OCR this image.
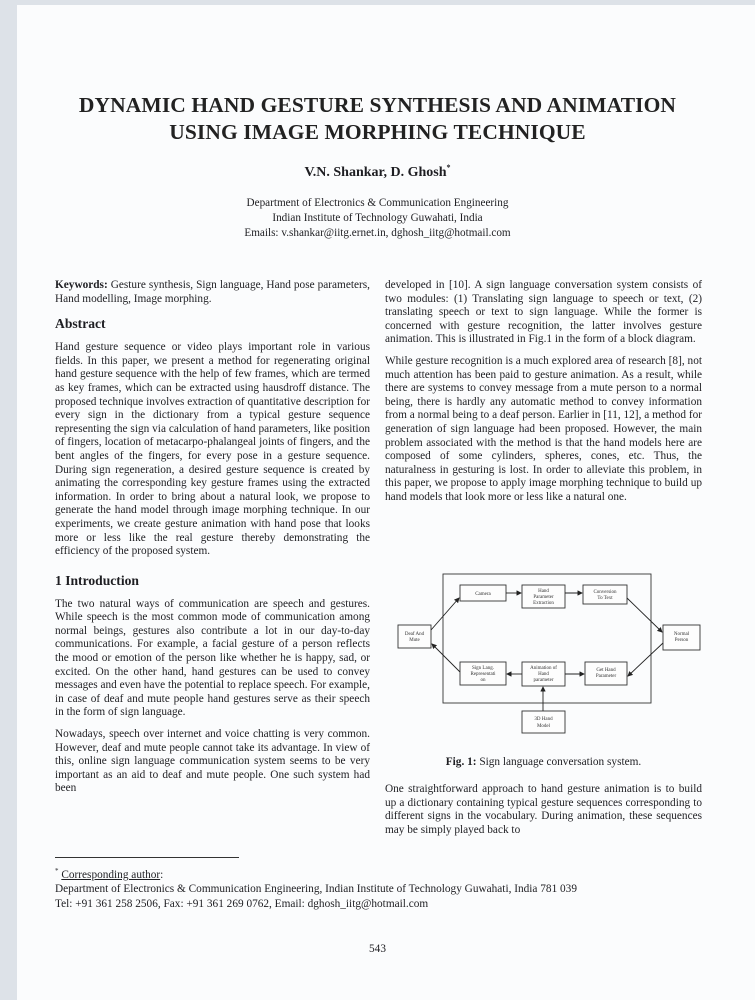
DYNAMIC HAND GESTURE SYNTHESIS AND ANIMATION
USING IMAGE MORPHING TECHNIQUE
V.N. Shankar, D. Ghosh*
Department of Electronics & Communication Engineering
Indian Institute of Technology Guwahati, India
Emails: v.shankar@iitg.ernet.in, dghosh_iitg@hotmail.com

Keywords: Gesture synthesis, Sign language, Hand pose parameters, Hand modelling, Image morphing.

Abstract

Hand gesture sequence or video plays important role in various fields. In this paper, we present a method for regenerating original hand gesture sequence with the help of few frames, which are termed as key frames, which can be extracted using hausdroff distance. The proposed technique involves extraction of quantitative description for every sign in the dictionary from a typical gesture sequence representing the sign via calculation of hand parameters, like position of fingers, location of metacarpo-phalangeal joints of fingers, and the bent angles of the fingers, for every pose in a gesture sequence. During sign regeneration, a desired gesture sequence is created by animating the corresponding key gesture frames using the extracted information. In order to bring about a natural look, we propose to generate the hand model through image morphing technique. In our experiments, we create gesture animation with hand pose that looks more or less like the real gesture thereby demonstrating the efficiency of the proposed system.

1 Introduction

The two natural ways of communication are speech and gestures. While speech is the most common mode of communication among normal beings, gestures also contribute a lot in our day-to-day communications. For example, a facial gesture of a person reflects the mood or emotion of the person like whether he is happy, sad, or excited. On the other hand, hand gestures can be used to convey messages and even have the potential to replace speech. For example, in case of deaf and mute people hand gestures serve as their speech in the form of sign language.

Nowadays, speech over internet and voice chatting is very common. However, deaf and mute people cannot take its advantage. In view of this, online sign language communication system seems to be very important as an aid to deaf and mute people. One such system had been

developed in [10]. A sign language conversation system consists of two modules: (1) Translating sign language to speech or text, (2) translating speech or text to sign language. While the former is concerned with gesture recognition, the latter involves gesture animation. This is illustrated in Fig.1 in the form of a block diagram.

While gesture recognition is a much explored area of research [8], not much attention has been paid to gesture animation. As a result, while there are systems to convey message from a mute person to a normal being, there is hardly any automatic method to convey information from a normal being to a deaf person. Earlier in [11, 12], a method for generation of sign language had been proposed. However, the main problem associated with the method is that the hand models here are composed of some cylinders, spheres, cones, etc. Thus, the naturalness in gesturing is lost. In order to alleviate this problem, in this paper, we propose to apply image morphing technique to build up hand models that look more or less like a natural one.

Deaf And
Mute
Camera
Hand
Parameter
Extraction
Conversion
To Text
Normal
Person
Sign Lang.
Representati
on
Animation of
Hand
parameter
Get Hand
Parameter
3D Hand
Model
Fig. 1: Sign language conversation system.

One straightforward approach to hand gesture animation is to build up a dictionary containing typical gesture sequences corresponding to different signs in the vocabulary. During animation, these sequences may be simply played back to

* Corresponding author:
Department of Electronics & Communication Engineering, Indian Institute of Technology Guwahati, India 781 039
Tel: +91 361 258 2506, Fax: +91 361 269 0762, Email: dghosh_iitg@hotmail.com
543
